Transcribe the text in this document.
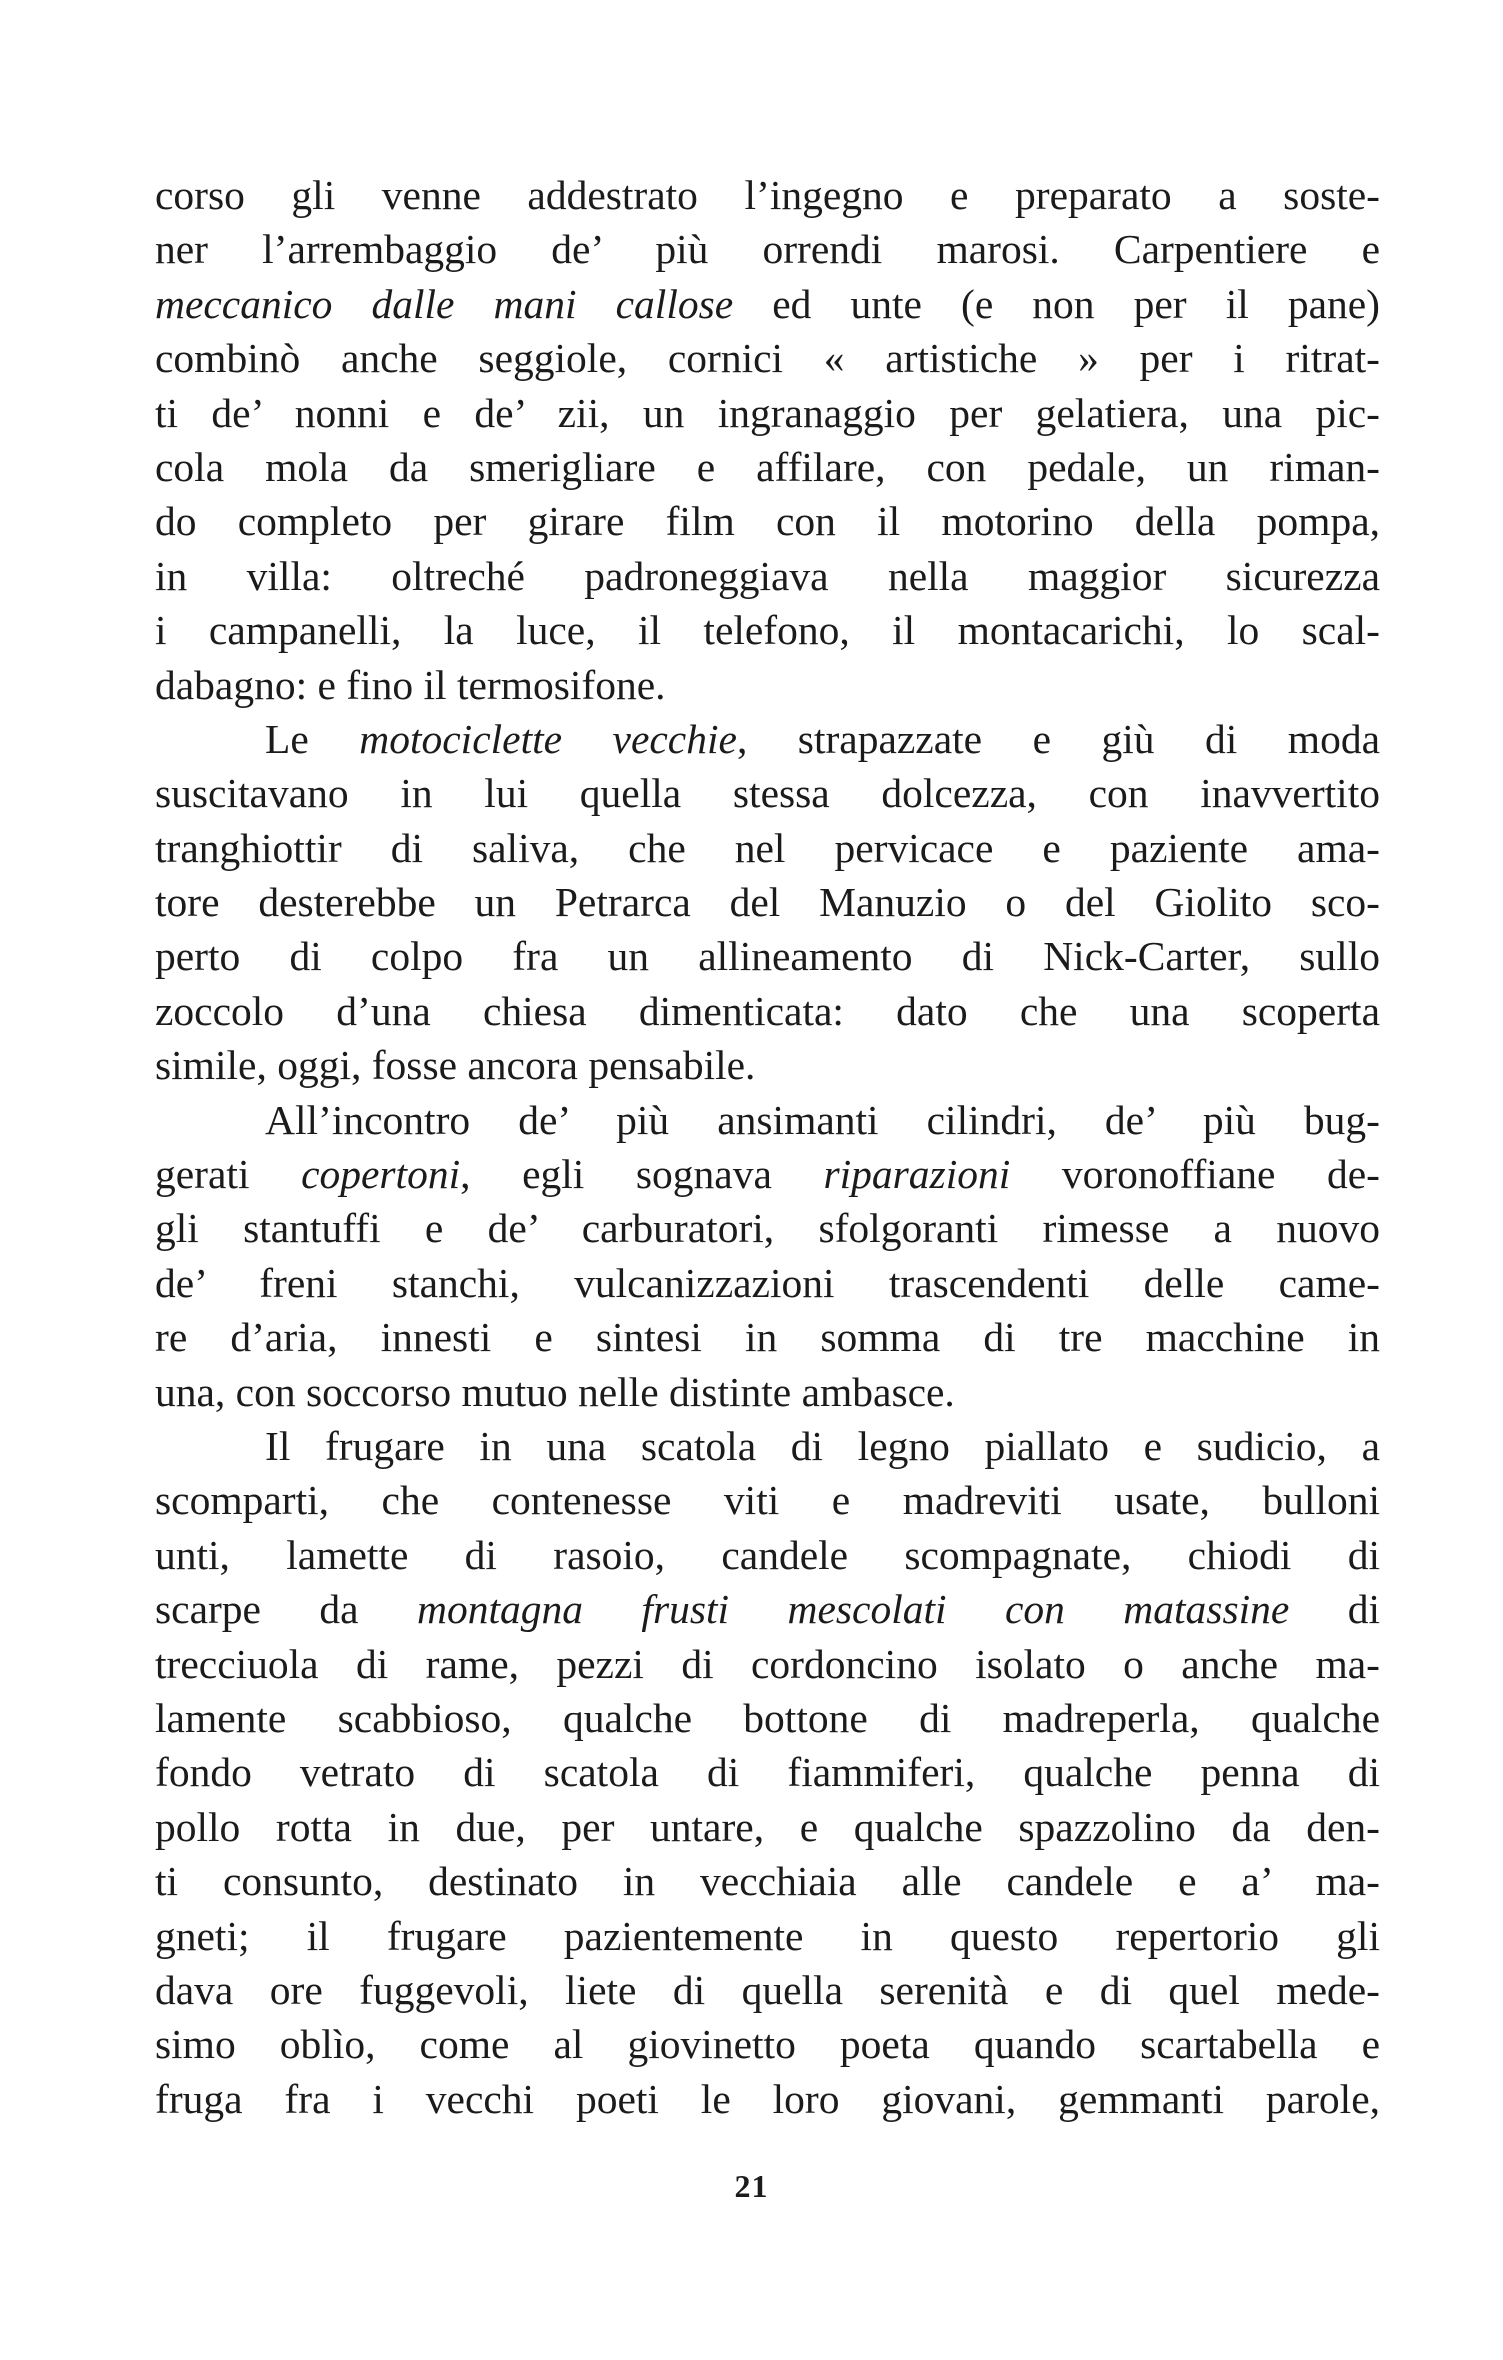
corso gli venne addestrato l’ingegno e preparato a soste-
ner l’arrembaggio de’ più orrendi marosi. Carpentiere e
meccanico dalle mani callose ed unte (e non per il pane)
combinò anche seggiole, cornici « artistiche » per i ritrat-
ti de’ nonni e de’ zii, un ingranaggio per gelatiera, una pic-
cola mola da smerigliare e affilare, con pedale, un riman-
do completo per girare film con il motorino della pompa,
in villa: oltreché padroneggiava nella maggior sicurezza
i campanelli, la luce, il telefono, il montacarichi, lo scal-
dabagno: e fino il termosifone.
Le motociclette vecchie, strapazzate e giù di moda
suscitavano in lui quella stessa dolcezza, con inavvertito
tranghiottir di saliva, che nel pervicace e paziente ama-
tore desterebbe un Petrarca del Manuzio o del Giolito sco-
perto di colpo fra un allineamento di Nick-Carter, sullo
zoccolo d’una chiesa dimenticata: dato che una scoperta
simile, oggi, fosse ancora pensabile.
All’incontro de’ più ansimanti cilindri, de’ più bug-
gerati copertoni, egli sognava riparazioni voronoffiane de-
gli stantuffi e de’ carburatori, sfolgoranti rimesse a nuovo
de’ freni stanchi, vulcanizzazioni trascendenti delle came-
re d’aria, innesti e sintesi in somma di tre macchine in
una, con soccorso mutuo nelle distinte ambasce.
Il frugare in una scatola di legno piallato e sudicio, a
scomparti, che contenesse viti e madreviti usate, bulloni
unti, lamette di rasoio, candele scompagnate, chiodi di
scarpe da montagna frusti mescolati con matassine di
trecciuola di rame, pezzi di cordoncino isolato o anche ma-
lamente scabbioso, qualche bottone di madreperla, qualche
fondo vetrato di scatola di fiammiferi, qualche penna di
pollo rotta in due, per untare, e qualche spazzolino da den-
ti consunto, destinato in vecchiaia alle candele e a’ ma-
gneti; il frugare pazientemente in questo repertorio gli
dava ore fuggevoli, liete di quella serenità e di quel mede-
simo oblìo, come al giovinetto poeta quando scartabella e
fruga fra i vecchi poeti le loro giovani, gemmanti parole,
21
